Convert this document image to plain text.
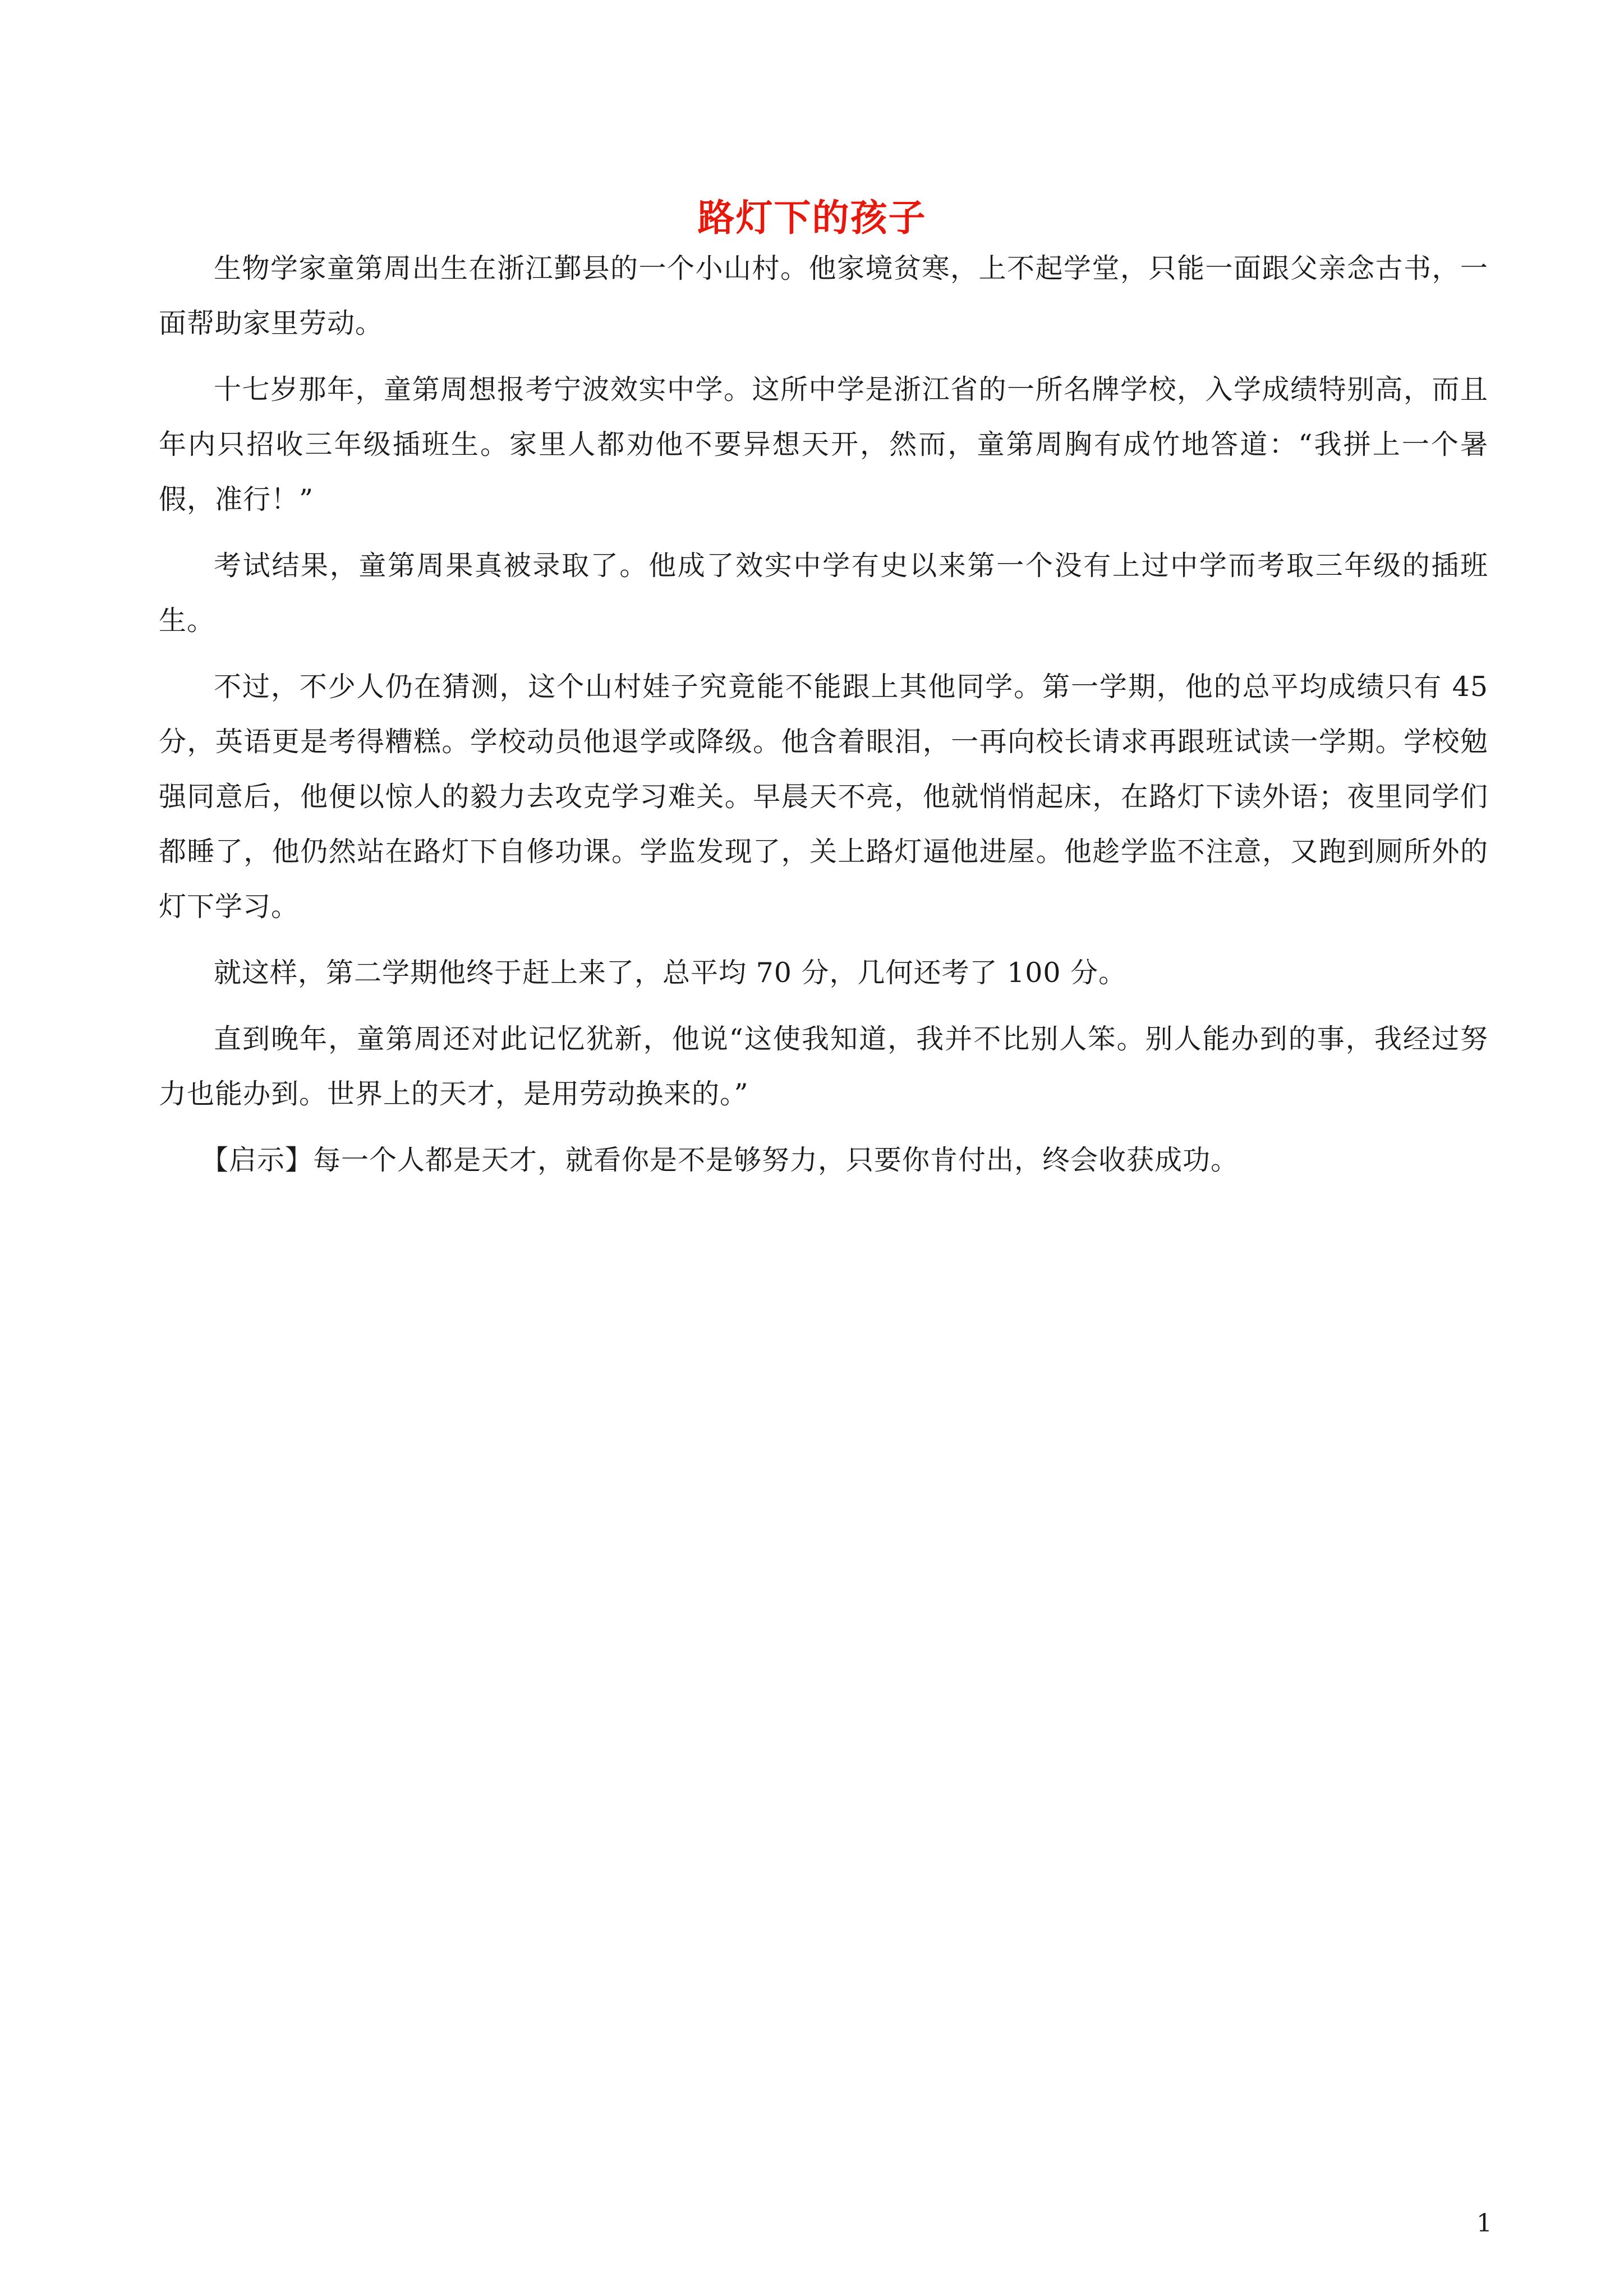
路灯下的孩子

生物学家童第周出生在浙江鄞县的一个小山村。他家境贫寒，上不起学堂，只能一面跟父亲念古书，一面帮助家里劳动。

十七岁那年，童第周想报考宁波效实中学。这所中学是浙江省的一所名牌学校，入学成绩特别高，而且年内只招收三年级插班生。家里人都劝他不要异想天开，然而，童第周胸有成竹地答道：“我拼上一个暑假，准行！”

考试结果，童第周果真被录取了。他成了效实中学有史以来第一个没有上过中学而考取三年级的插班生。

不过，不少人仍在猜测，这个山村娃子究竟能不能跟上其他同学。第一学期，他的总平均成绩只有 45 分，英语更是考得糟糕。学校动员他退学或降级。他含着眼泪，一再向校长请求再跟班试读一学期。学校勉强同意后，他便以惊人的毅力去攻克学习难关。早晨天不亮，他就悄悄起床，在路灯下读外语；夜里同学们都睡了，他仍然站在路灯下自修功课。学监发现了，关上路灯逼他进屋。他趁学监不注意，又跑到厕所外的灯下学习。

就这样，第二学期他终于赶上来了，总平均 70 分，几何还考了 100 分。

直到晚年，童第周还对此记忆犹新，他说“这使我知道，我并不比别人笨。别人能办到的事，我经过努力也能办到。世界上的天才，是用劳动换来的。”

【启示】每一个人都是天才，就看你是不是够努力，只要你肯付出，终会收获成功。

1
